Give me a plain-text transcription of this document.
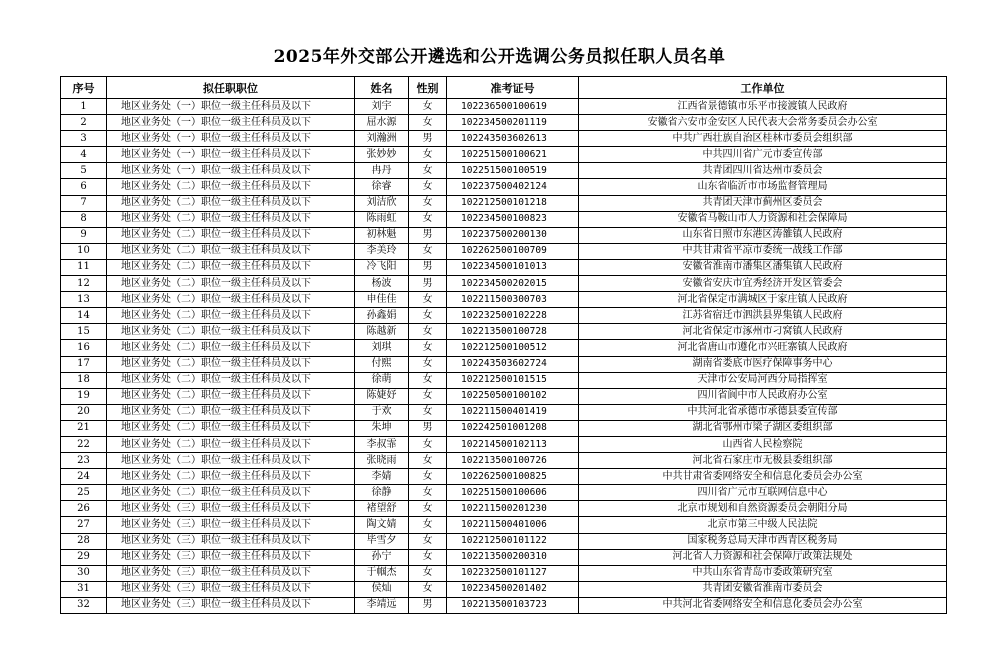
2025年外交部公开遴选和公开选调公务员拟任职人员名单
序号	拟任职职位	姓名	性别	准考证号	工作单位
1	地区业务处（一）职位一级主任科员及以下	刘宇	女	102236500100619	江西省景德镇市乐平市接渡镇人民政府
2	地区业务处（一）职位一级主任科员及以下	屈水源	女	102234500201119	安徽省六安市金安区人民代表大会常务委员会办公室
3	地区业务处（一）职位一级主任科员及以下	刘瀚洲	男	102243503602613	中共广西壮族自治区桂林市委员会组织部
4	地区业务处（一）职位一级主任科员及以下	张妙妙	女	102251500100621	中共四川省广元市委宣传部
5	地区业务处（一）职位一级主任科员及以下	冉丹	女	102251500100519	共青团四川省达州市委员会
6	地区业务处（二）职位一级主任科员及以下	徐睿	女	102237500402124	山东省临沂市市场监督管理局
7	地区业务处（二）职位一级主任科员及以下	刘洁欣	女	102212500101218	共青团天津市蓟州区委员会
8	地区业务处（二）职位一级主任科员及以下	陈雨虹	女	102234500100823	安徽省马鞍山市人力资源和社会保障局
9	地区业务处（二）职位一级主任科员及以下	初林魁	男	102237500200130	山东省日照市东港区涛雒镇人民政府
10	地区业务处（二）职位一级主任科员及以下	李美玲	女	102262500100709	中共甘肃省平凉市委统一战线工作部
11	地区业务处（二）职位一级主任科员及以下	冷飞阳	男	102234500101013	安徽省淮南市潘集区潘集镇人民政府
12	地区业务处（二）职位一级主任科员及以下	杨波	男	102234500202015	安徽省安庆市宜秀经济开发区管委会
13	地区业务处（二）职位一级主任科员及以下	申佳佳	女	102211500300703	河北省保定市满城区于家庄镇人民政府
14	地区业务处（二）职位一级主任科员及以下	孙鑫娟	女	102232500102228	江苏省宿迁市泗洪县界集镇人民政府
15	地区业务处（二）职位一级主任科员及以下	陈越新	女	102213500100728	河北省保定市涿州市刁窝镇人民政府
16	地区业务处（二）职位一级主任科员及以下	刘琪	女	102212500100512	河北省唐山市遵化市兴旺寨镇人民政府
17	地区业务处（二）职位一级主任科员及以下	付熙	女	102243503602724	湖南省娄底市医疗保障事务中心
18	地区业务处（二）职位一级主任科员及以下	徐萌	女	102212500101515	天津市公安局河西分局指挥室
19	地区业务处（二）职位一级主任科员及以下	陈婕妤	女	102250500100102	四川省阆中市人民政府办公室
20	地区业务处（二）职位一级主任科员及以下	于欢	女	102211500401419	中共河北省承德市承德县委宣传部
21	地区业务处（二）职位一级主任科员及以下	朱坤	男	102242501001208	湖北省鄂州市梁子湖区委组织部
22	地区业务处（二）职位一级主任科员及以下	李叔霏	女	102214500102113	山西省人民检察院
23	地区业务处（二）职位一级主任科员及以下	张晓雨	女	102213500100726	河北省石家庄市无极县委组织部
24	地区业务处（二）职位一级主任科员及以下	李婧	女	102262500100825	中共甘肃省委网络安全和信息化委员会办公室
25	地区业务处（二）职位一级主任科员及以下	徐静	女	102251500100606	四川省广元市互联网信息中心
26	地区业务处（三）职位一级主任科员及以下	褚望舒	女	102211500201230	北京市规划和自然资源委员会朝阳分局
27	地区业务处（三）职位一级主任科员及以下	陶文婧	女	102211500401006	北京市第三中级人民法院
28	地区业务处（三）职位一级主任科员及以下	毕雪夕	女	102212500101122	国家税务总局天津市西青区税务局
29	地区业务处（三）职位一级主任科员及以下	孙宁	女	102213500200310	河北省人力资源和社会保障厅政策法规处
30	地区业务处（三）职位一级主任科员及以下	于帼杰	女	102232500101127	中共山东省青岛市委政策研究室
31	地区业务处（三）职位一级主任科员及以下	侯灿	女	102234500201402	共青团安徽省淮南市委员会
32	地区业务处（三）职位一级主任科员及以下	李靖远	男	102213500103723	中共河北省委网络安全和信息化委员会办公室
